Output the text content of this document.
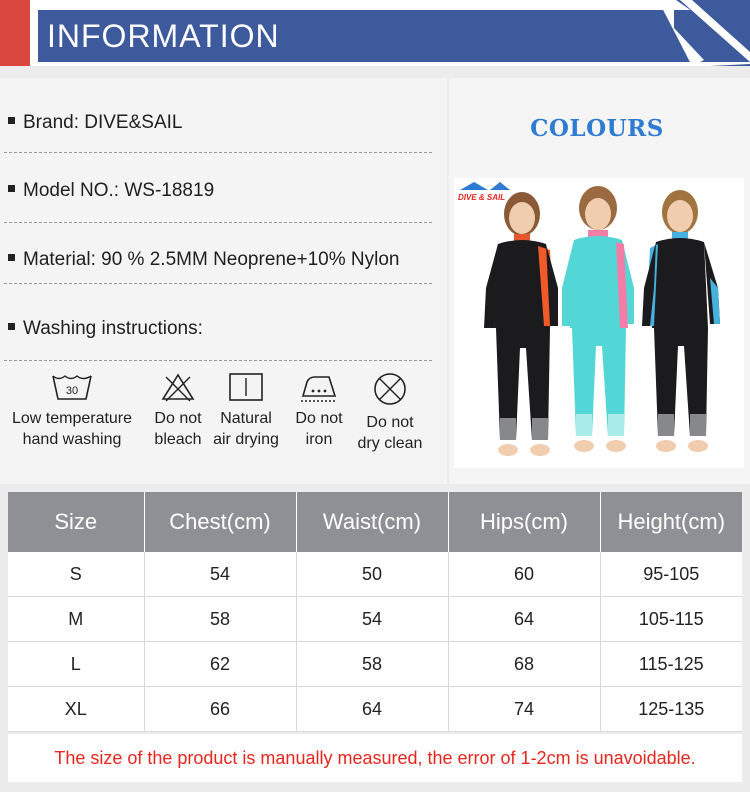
INFORMATION
Brand: DIVE&SAIL
Model NO.: WS-18819
Material: 90 % 2.5MM Neoprene+10% Nylon
Washing instructions:
30
Low temperature
hand washing
Do not
bleach
Natural
air drying
Do not
iron
Do not
dry clean
COLOURS
DIVE & SAIL
Size	Chest(cm)	Waist(cm)	Hips(cm)	Height(cm)
S	54	50	60	95-105
M	58	54	64	105-115
L	62	58	68	115-125
XL	66	64	74	125-135
The size of the product is manually measured, the error of 1-2cm is unavoidable.
